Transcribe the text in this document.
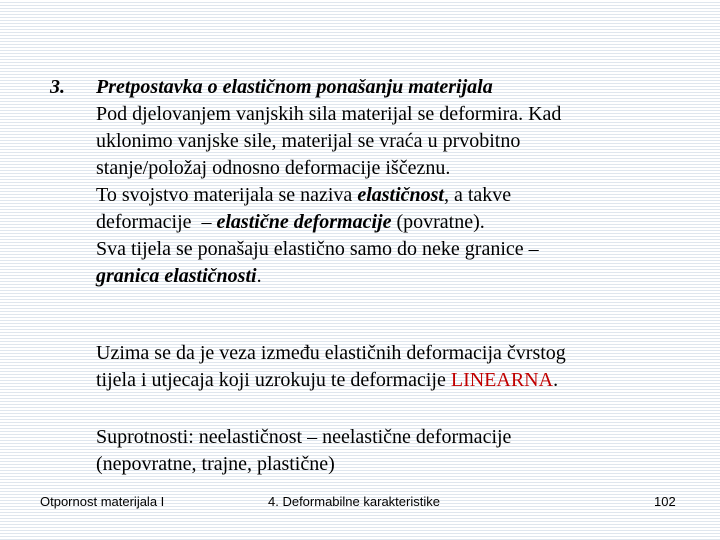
3. Pretpostavka o elastičnom ponašanju materijala
Pod djelovanjem vanjskih sila materijal se deformira. Kad
uklonimo vanjske sile, materijal se vraća u prvobitno
stanje/položaj odnosno deformacije iščeznu.
To svojstvo materijala se naziva elastičnost, a takve
deformacije  – elastične deformacije (povratne).
Sva tijela se ponašaju elastično samo do neke granice –
granica elastičnosti.
Uzima se da je veza između elastičnih deformacija čvrstog
tijela i utjecaja koji uzrokuju te deformacije LINEARNA.
Suprotnosti: neelastičnost – neelastične deformacije
(nepovratne, trajne, plastične)
Otpornost materijala I	4. Deformabilne karakteristike	102
